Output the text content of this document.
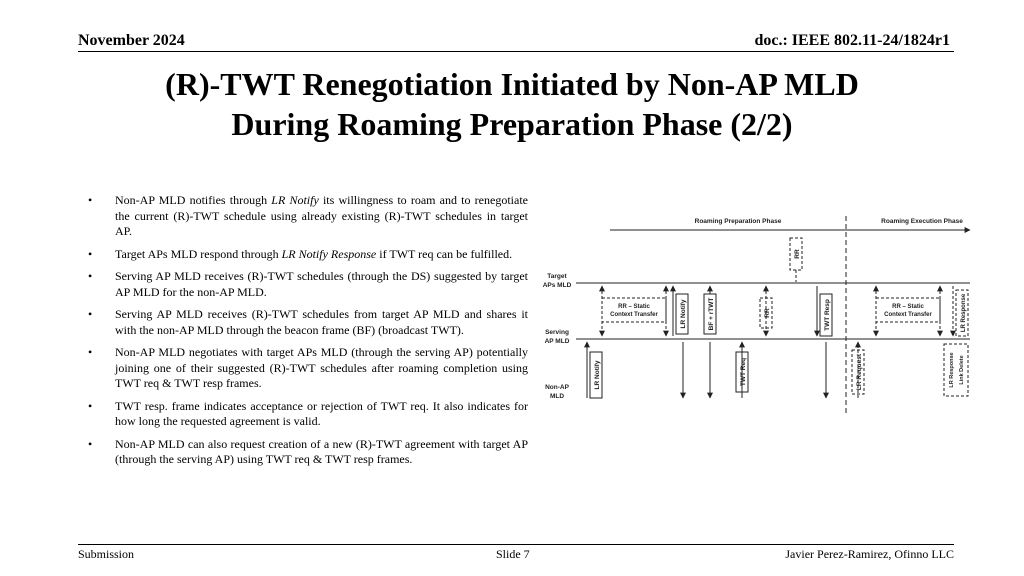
November 2024	doc.: IEEE 802.11-24/1824r1
(R)-TWT Renegotiation Initiated by Non-AP MLD
During Roaming Preparation Phase (2/2)
• Non-AP MLD notifies through LR Notify its willingness to roam and to renegotiate the current (R)-TWT schedule using already existing (R)-TWT schedules in target AP.
• Target APs MLD respond through LR Notify Response if TWT req can be fulfilled.
• Serving AP MLD receives (R)-TWT schedules (through the DS) suggested by target AP MLD for the non-AP MLD.
• Serving AP MLD receives (R)-TWT schedules from target AP MLD and shares it with the non-AP MLD through the beacon frame (BF) (broadcast TWT).
• Non-AP MLD negotiates with target APs MLD (through the serving AP) potentially joining one of their suggested (R)-TWT schedules after roaming completion using TWT req & TWT resp frames.
• TWT resp. frame indicates acceptance or rejection of TWT req. It also indicates for how long the requested agreement is valid.
• Non-AP MLD can also request creation of a new (R)-TWT agreement with target AP (through the serving AP) using TWT req & TWT resp frames.
Roaming Preparation Phase	Roaming Execution Phase
Target
APs MLD
Serving
AP MLD
Non-AP
MLD
RR – Static
Context Transfer
LR Notify
LR Notify	BF + rTWT
TWT Req
RR
RR
TWT Resp	RR – Static
Context Transfer
LR Request
LR Response
LR Response Link Delete
Submission	Slide 7	Javier Perez-Ramirez, Ofinno LLC
